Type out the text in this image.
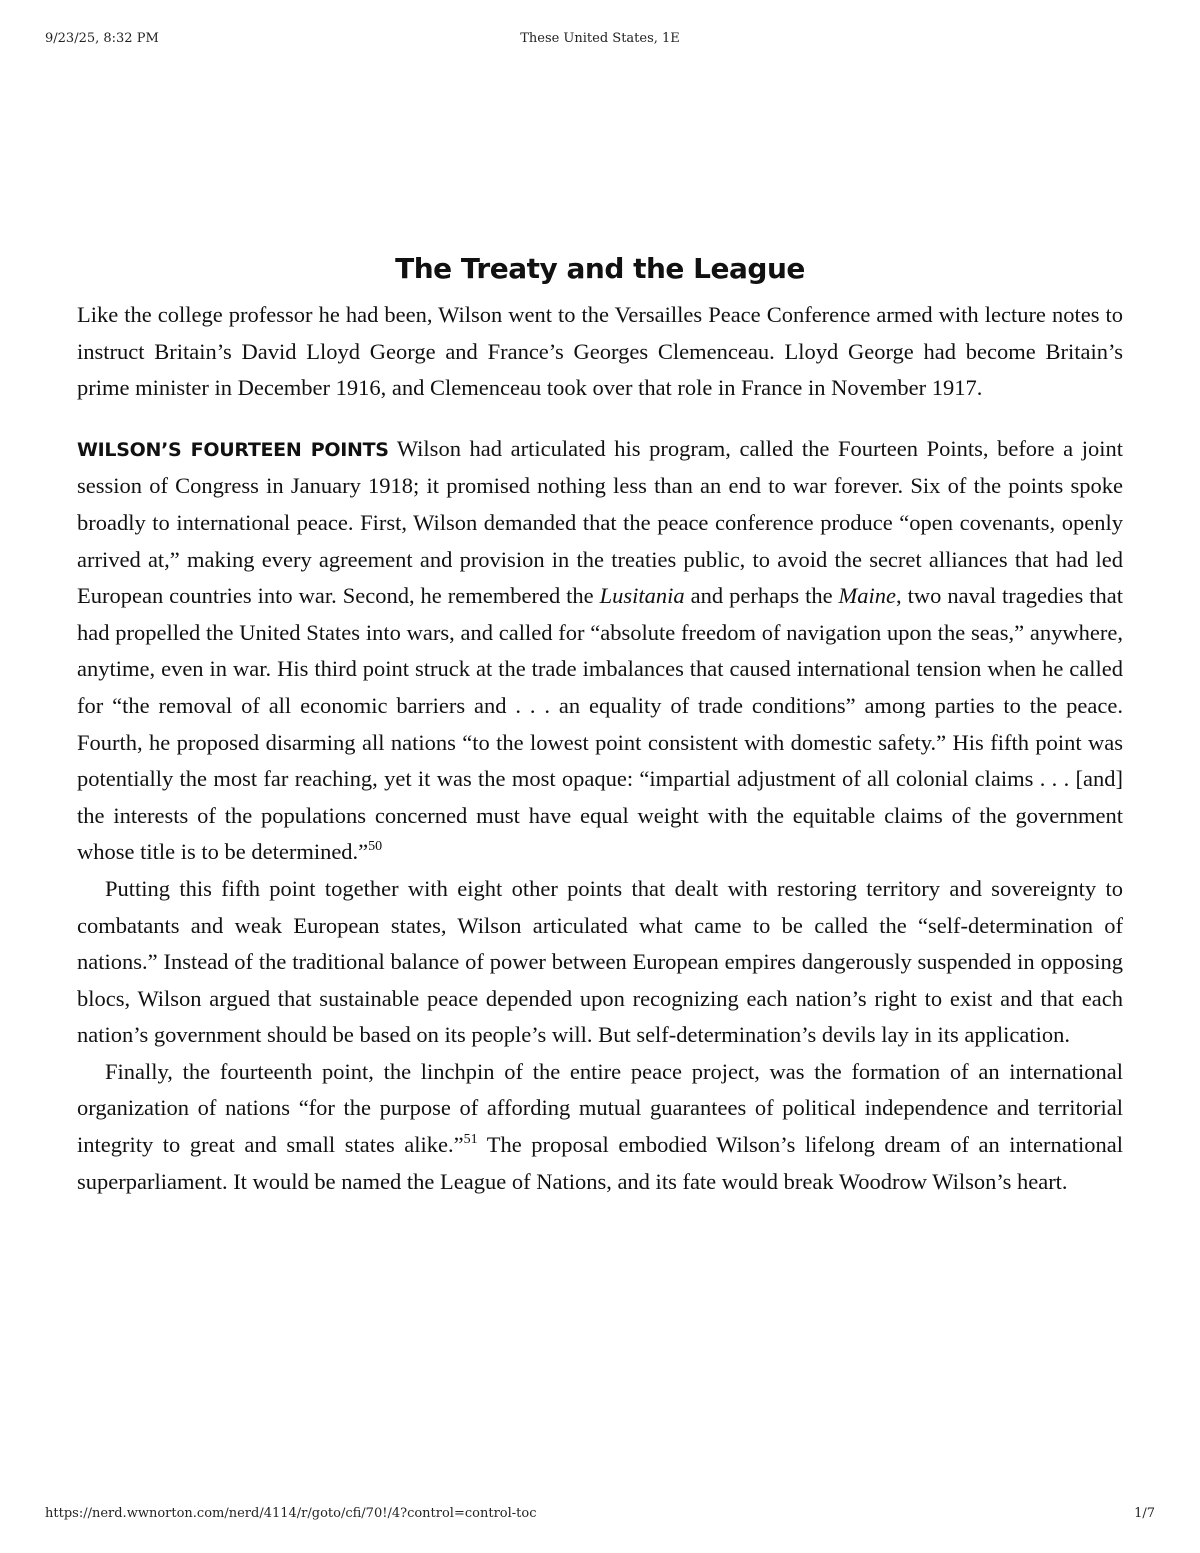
9/23/25, 8:32 PM	These United States, 1E
The Treaty and the League

Like the college professor he had been, Wilson went to the Versailles Peace Conference armed with lecture notes to instruct Britain’s David Lloyd George and France’s Georges Clemenceau. Lloyd George had become Britain’s prime minister in December 1916, and Clemenceau took over that role in France in November 1917.

WILSON’S FOURTEEN POINTS Wilson had articulated his program, called the Fourteen Points, before a joint session of Congress in January 1918; it promised nothing less than an end to war forever. Six of the points spoke broadly to international peace. First, Wilson demanded that the peace conference produce “open covenants, openly arrived at,” making every agreement and provision in the treaties public, to avoid the secret alliances that had led European countries into war. Second, he remembered the Lusitania and perhaps the Maine, two naval tragedies that had propelled the United States into wars, and called for “absolute freedom of navigation upon the seas,” anywhere, anytime, even in war. His third point struck at the trade imbalances that caused international tension when he called for “the removal of all economic barriers and . . . an equality of trade conditions” among parties to the peace. Fourth, he proposed disarming all nations “to the lowest point consistent with domestic safety.” His fifth point was potentially the most far reaching, yet it was the most opaque: “impartial adjustment of all colonial claims . . . [and] the interests of the populations concerned must have equal weight with the equitable claims of the government whose title is to be determined.”$^{50}$

Putting this fifth point together with eight other points that dealt with restoring territory and sovereignty to combatants and weak European states, Wilson articulated what came to be called the “self-determination of nations.” Instead of the traditional balance of power between European empires dangerously suspended in opposing blocs, Wilson argued that sustainable peace depended upon recognizing each nation’s right to exist and that each nation’s government should be based on its people’s will. But self-determination’s devils lay in its application.

Finally, the fourteenth point, the linchpin of the entire peace project, was the formation of an international organization of nations “for the purpose of affording mutual guarantees of political independence and territorial integrity to great and small states alike.”$^{51}$ The proposal embodied Wilson’s lifelong dream of an international superparliament. It would be named the League of Nations, and its fate would break Woodrow Wilson’s heart.

https://nerd.wwnorton.com/nerd/4114/r/goto/cfi/70!/4?control=control-toc	1/7
